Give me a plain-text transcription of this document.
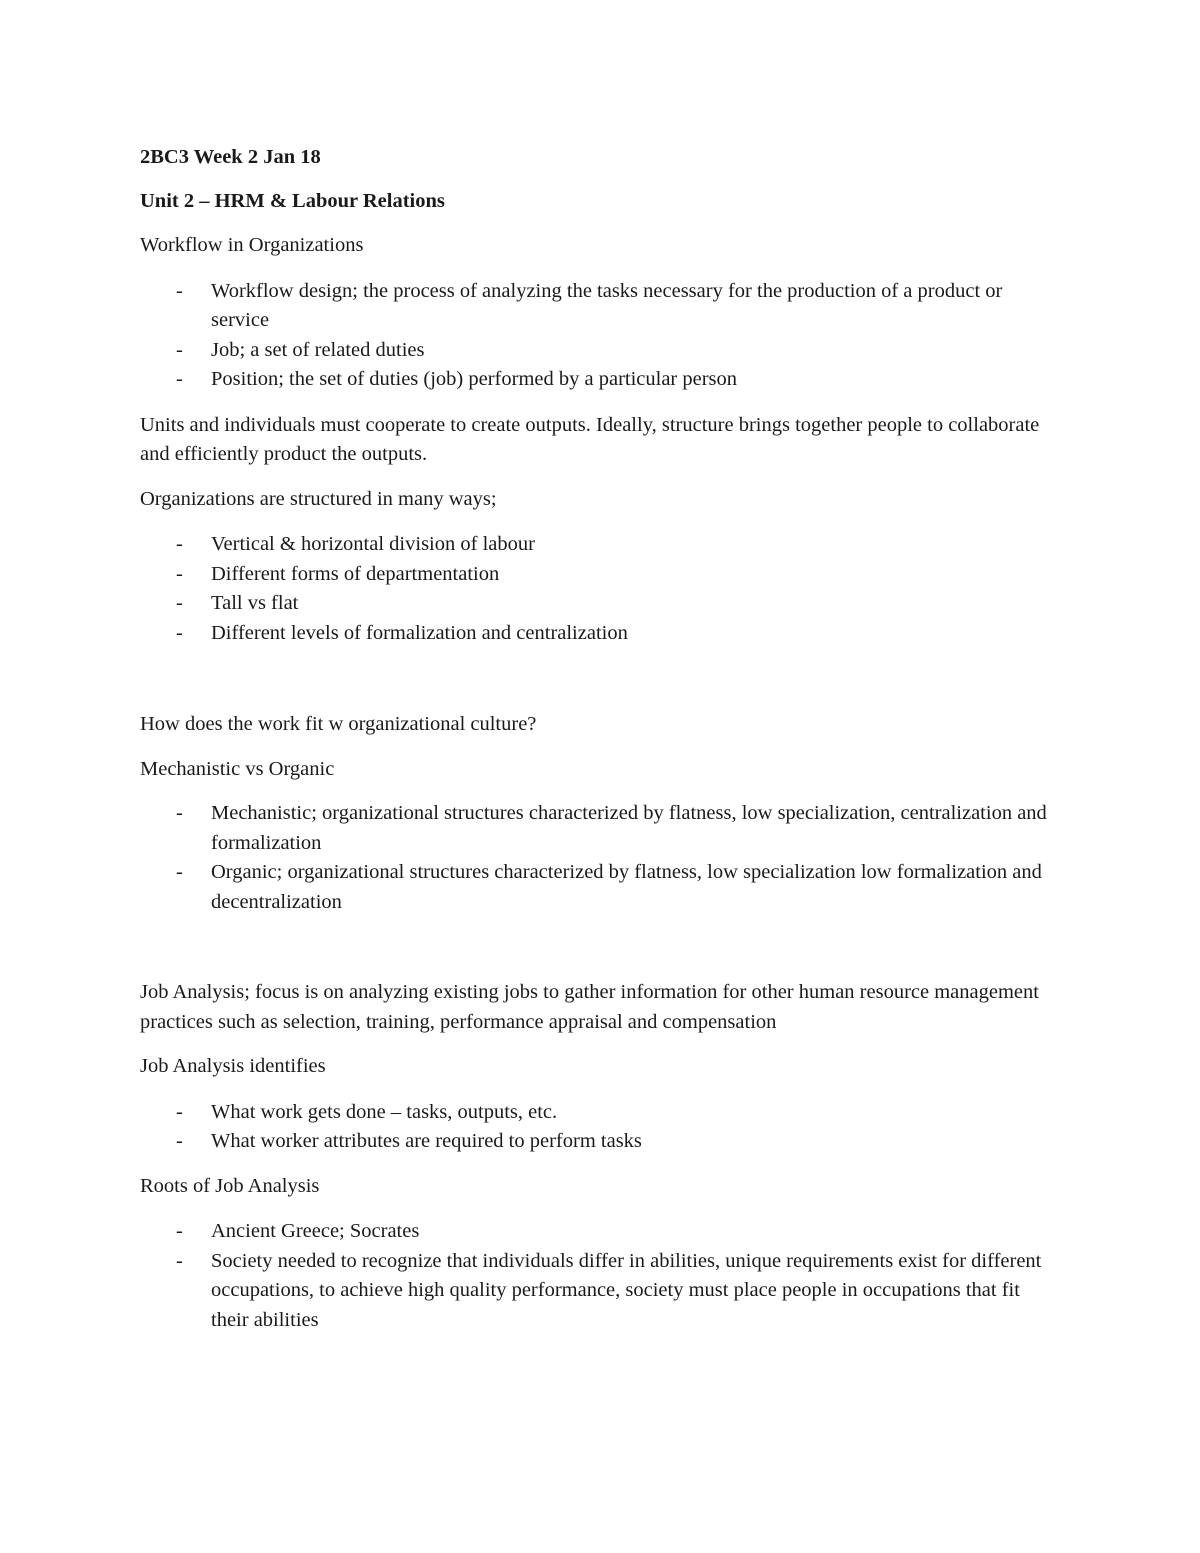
2BC3 Week 2 Jan 18

Unit 2 – HRM & Labour Relations

Workflow in Organizations

- Workflow design; the process of analyzing the tasks necessary for the production of a product or service
- Job; a set of related duties
- Position; the set of duties (job) performed by a particular person

Units and individuals must cooperate to create outputs. Ideally, structure brings together people to collaborate and efficiently product the outputs.

Organizations are structured in many ways;

- Vertical & horizontal division of labour
- Different forms of departmentation
- Tall vs flat
- Different levels of formalization and centralization

How does the work fit w organizational culture?

Mechanistic vs Organic

- Mechanistic; organizational structures characterized by flatness, low specialization, centralization and formalization
- Organic; organizational structures characterized by flatness, low specialization low formalization and decentralization

Job Analysis; focus is on analyzing existing jobs to gather information for other human resource management practices such as selection, training, performance appraisal and compensation

Job Analysis identifies

- What work gets done – tasks, outputs, etc.
- What worker attributes are required to perform tasks

Roots of Job Analysis

- Ancient Greece; Socrates
- Society needed to recognize that individuals differ in abilities, unique requirements exist for different occupations, to achieve high quality performance, society must place people in occupations that fit their abilities
